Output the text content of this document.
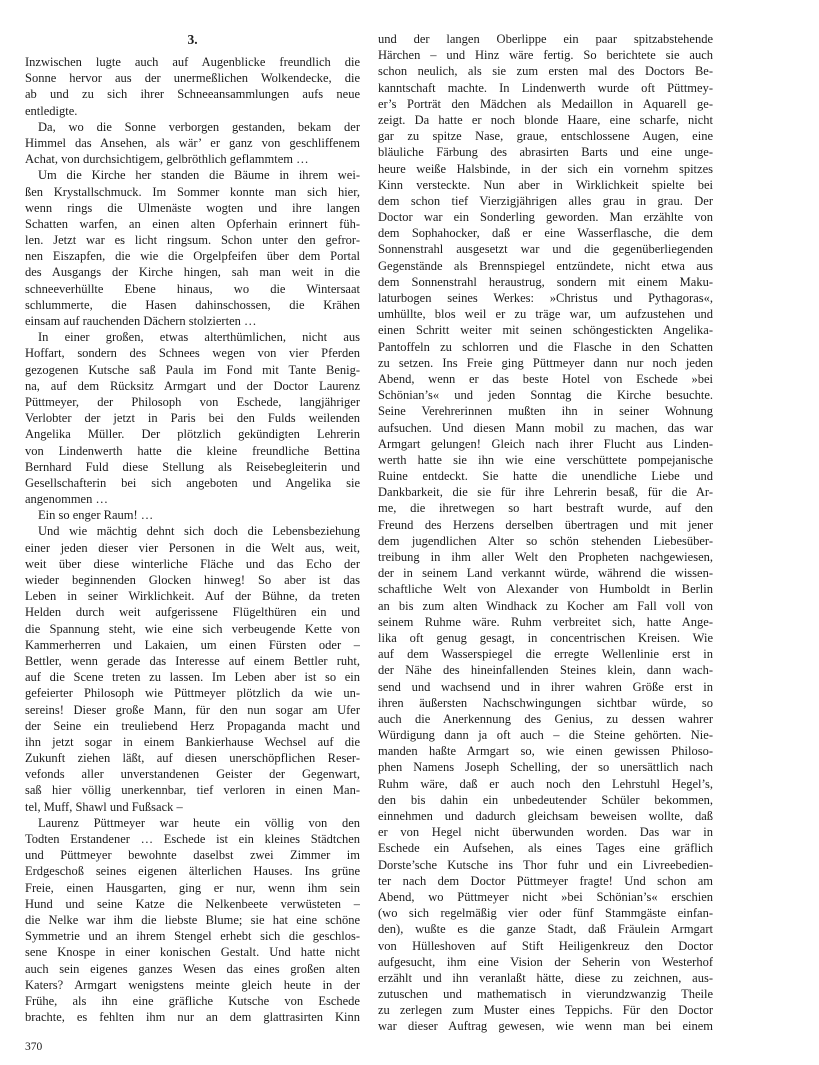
3.
Inzwischen lugte auch auf Augenblicke freundlich die
Sonne hervor aus der unermeßlichen Wolkendecke, die
ab und zu sich ihrer Schneeansammlungen aufs neue
entledigte.
Da, wo die Sonne verborgen gestanden, bekam der
Himmel das Ansehen, als wär’ er ganz von geschliffenem
Achat, von durchsichtigem, gelbröthlich geflammtem …
Um die Kirche her standen die Bäume in ihrem wei-
ßen Krystallschmuck. Im Sommer konnte man sich hier,
wenn rings die Ulmenäste wogten und ihre langen
Schatten warfen, an einen alten Opferhain erinnert füh-
len. Jetzt war es licht ringsum. Schon unter den gefror-
nen Eiszapfen, die wie die Orgelpfeifen über dem Portal
des Ausgangs der Kirche hingen, sah man weit in die
schneeverhüllte Ebene hinaus, wo die Wintersaat
schlummerte, die Hasen dahinschossen, die Krähen
einsam auf rauchenden Dächern stolzierten …
In einer großen, etwas alterthümlichen, nicht aus
Hoffart, sondern des Schnees wegen von vier Pferden
gezogenen Kutsche saß Paula im Fond mit Tante Benig-
na, auf dem Rücksitz Armgart und der Doctor Laurenz
Püttmeyer, der Philosoph von Eschede, langjähriger
Verlobter der jetzt in Paris bei den Fulds weilenden
Angelika Müller. Der plötzlich gekündigten Lehrerin
von Lindenwerth hatte die kleine freundliche Bettina
Bernhard Fuld diese Stellung als Reisebegleiterin und
Gesellschafterin bei sich angeboten und Angelika sie
angenommen …
Ein so enger Raum! …
Und wie mächtig dehnt sich doch die Lebensbeziehung
einer jeden dieser vier Personen in die Welt aus, weit,
weit über diese winterliche Fläche und das Echo der
wieder beginnenden Glocken hinweg! So aber ist das
Leben in seiner Wirklichkeit. Auf der Bühne, da treten
Helden durch weit aufgerissene Flügelthüren ein und
die Spannung steht, wie eine sich verbeugende Kette von
Kammerherren und Lakaien, um einen Fürsten oder –
Bettler, wenn gerade das Interesse auf einem Bettler ruht,
auf die Scene treten zu lassen. Im Leben aber ist so ein
gefeierter Philosoph wie Püttmeyer plötzlich da wie un-
sereins! Dieser große Mann, für den nun sogar am Ufer
der Seine ein treuliebend Herz Propaganda macht und
ihn jetzt sogar in einem Bankierhause Wechsel auf die
Zukunft ziehen läßt, auf diesen unerschöpflichen Reser-
vefonds aller unverstandenen Geister der Gegenwart,
saß hier völlig unerkennbar, tief verloren in einen Man-
tel, Muff, Shawl und Fußsack –
Laurenz Püttmeyer war heute ein völlig von den
Todten Erstandener … Eschede ist ein kleines Städtchen
und Püttmeyer bewohnte daselbst zwei Zimmer im
Erdgeschoß seines eigenen älterlichen Hauses. Ins grüne
Freie, einen Hausgarten, ging er nur, wenn ihm sein
Hund und seine Katze die Nelkenbeete verwüsteten –
die Nelke war ihm die liebste Blume; sie hat eine schöne
Symmetrie und an ihrem Stengel erhebt sich die geschlos-
sene Knospe in einer konischen Gestalt. Und hatte nicht
auch sein eigenes ganzes Wesen das eines großen alten
Katers? Armgart wenigstens meinte gleich heute in der
Frühe, als ihn eine gräfliche Kutsche von Eschede
brachte, es fehlten ihm nur an dem glattrasirten Kinn
und der langen Oberlippe ein paar spitzabstehende
Härchen – und Hinz wäre fertig. So berichtete sie auch
schon neulich, als sie zum ersten mal des Doctors Be-
kanntschaft machte. In Lindenwerth wurde oft Püttmey-
er’s Porträt den Mädchen als Medaillon in Aquarell ge-
zeigt. Da hatte er noch blonde Haare, eine scharfe, nicht
gar zu spitze Nase, graue, entschlossene Augen, eine
bläuliche Färbung des abrasirten Barts und eine unge-
heure weiße Halsbinde, in der sich ein vornehm spitzes
Kinn versteckte. Nun aber in Wirklichkeit spielte bei
dem schon tief Vierzigjährigen alles grau in grau. Der
Doctor war ein Sonderling geworden. Man erzählte von
dem Sophahocker, daß er eine Wasserflasche, die dem
Sonnenstrahl ausgesetzt war und die gegenüberliegenden
Gegenstände als Brennspiegel entzündete, nicht etwa aus
dem Sonnenstrahl heraustrug, sondern mit einem Maku-
laturbogen seines Werkes: »Christus und Pythagoras«,
umhüllte, blos weil er zu träge war, um aufzustehen und
einen Schritt weiter mit seinen schöngestickten Angelika-
Pantoffeln zu schlorren und die Flasche in den Schatten
zu setzen. Ins Freie ging Püttmeyer dann nur noch jeden
Abend, wenn er das beste Hotel von Eschede »bei
Schönian’s« und jeden Sonntag die Kirche besuchte.
Seine Verehrerinnen mußten ihn in seiner Wohnung
aufsuchen. Und diesen Mann mobil zu machen, das war
Armgart gelungen! Gleich nach ihrer Flucht aus Linden-
werth hatte sie ihn wie eine verschüttete pompejanische
Ruine entdeckt. Sie hatte die unendliche Liebe und
Dankbarkeit, die sie für ihre Lehrerin besaß, für die Ar-
me, die ihretwegen so hart bestraft wurde, auf den
Freund des Herzens derselben übertragen und mit jener
dem jugendlichen Alter so schön stehenden Liebesüber-
treibung in ihm aller Welt den Propheten nachgewiesen,
der in seinem Land verkannt würde, während die wissen-
schaftliche Welt von Alexander von Humboldt in Berlin
an bis zum alten Windhack zu Kocher am Fall voll von
seinem Ruhme wäre. Ruhm verbreitet sich, hatte Ange-
lika oft genug gesagt, in concentrischen Kreisen. Wie
auf dem Wasserspiegel die erregte Wellenlinie erst in
der Nähe des hineinfallenden Steines klein, dann wach-
send und wachsend und in ihrer wahren Größe erst in
ihren äußersten Nachschwingungen sichtbar würde, so
auch die Anerkennung des Genius, zu dessen wahrer
Würdigung dann ja oft auch – die Steine gehörten. Nie-
manden haßte Armgart so, wie einen gewissen Philoso-
phen Namens Joseph Schelling, der so unersättlich nach
Ruhm wäre, daß er auch noch den Lehrstuhl Hegel’s,
den bis dahin ein unbedeutender Schüler bekommen,
einnehmen und dadurch gleichsam beweisen wollte, daß
er von Hegel nicht überwunden worden. Das war in
Eschede ein Aufsehen, als eines Tages eine gräflich
Dorste’sche Kutsche ins Thor fuhr und ein Livreebedien-
ter nach dem Doctor Püttmeyer fragte! Und schon am
Abend, wo Püttmeyer nicht »bei Schönian’s« erschien
(wo sich regelmäßig vier oder fünf Stammgäste einfan-
den), wußte es die ganze Stadt, daß Fräulein Armgart
von Hülleshoven auf Stift Heiligenkreuz den Doctor
aufgesucht, ihm eine Vision der Seherin von Westerhof
erzählt und ihn veranlaßt hätte, diese zu zeichnen, aus-
zutuschen und mathematisch in vierundzwanzig Theile
zu zerlegen zum Muster eines Teppichs. Für den Doctor
war dieser Auftrag gewesen, wie wenn man bei einem
370
